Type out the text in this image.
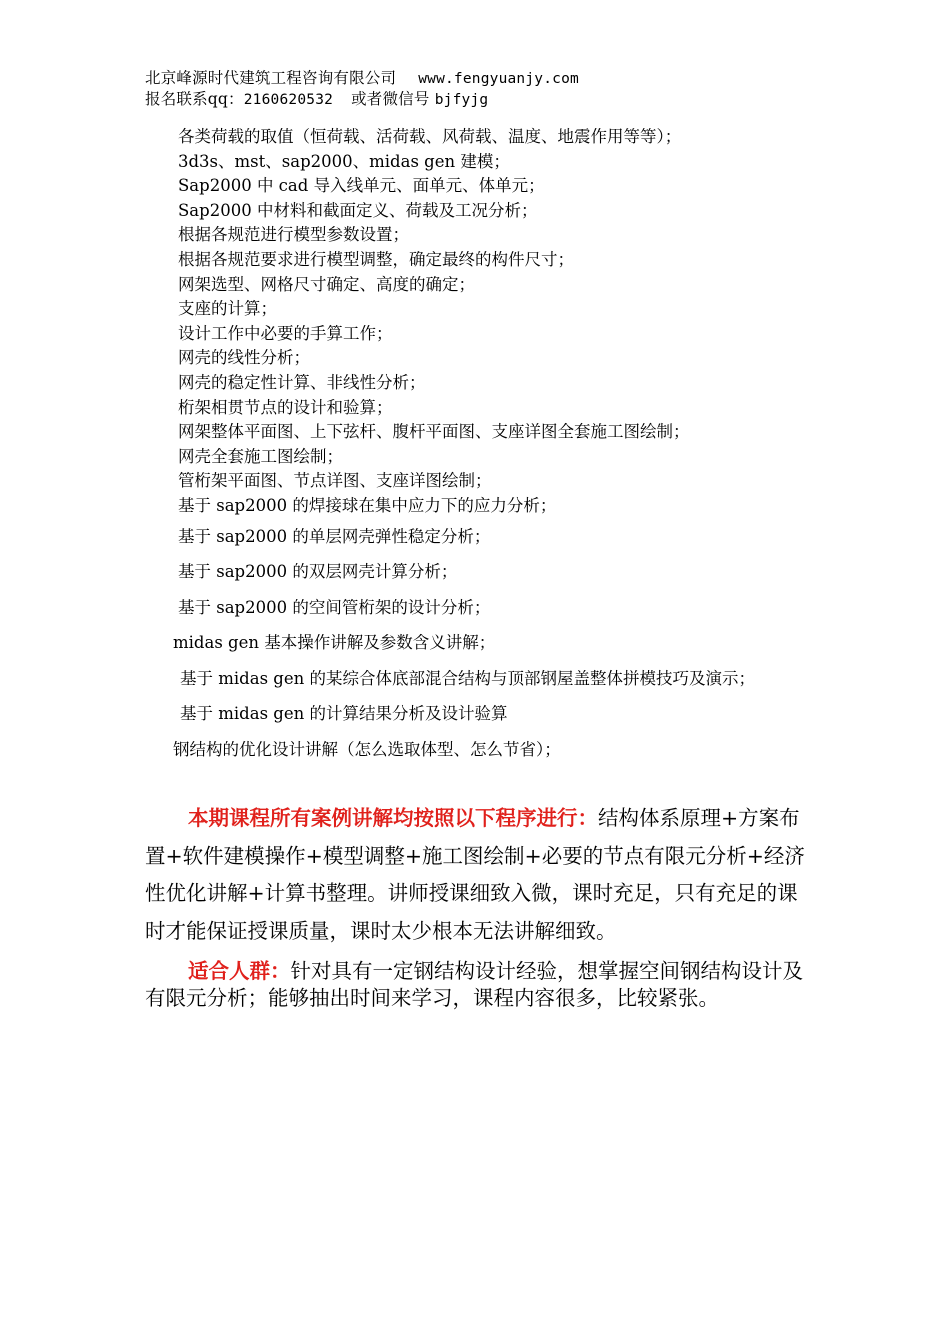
北京峰源时代建筑工程咨询有限公司 www.fengyuanjy.com
报名联系qq：2160620532 或者微信号 bjfyjg
各类荷载的取值（恒荷载、活荷载、风荷载、温度、地震作用等等）；
3d3s、mst、sap2000、midas gen 建模；
Sap2000 中 cad 导入线单元、面单元、体单元；
Sap2000 中材料和截面定义、荷载及工况分析；
根据各规范进行模型参数设置；
根据各规范要求进行模型调整，确定最终的构件尺寸；
网架选型、网格尺寸确定、高度的确定；
支座的计算；
设计工作中必要的手算工作；
网壳的线性分析；
网壳的稳定性计算、非线性分析；
桁架相贯节点的设计和验算；
网架整体平面图、上下弦杆、腹杆平面图、支座详图全套施工图绘制；
网壳全套施工图绘制；
管桁架平面图、节点详图、支座详图绘制；
基于 sap2000 的焊接球在集中应力下的应力分析；
基于 sap2000 的单层网壳弹性稳定分析；
基于 sap2000 的双层网壳计算分析；
基于 sap2000 的空间管桁架的设计分析；
midas gen 基本操作讲解及参数含义讲解；
基于 midas gen 的某综合体底部混合结构与顶部钢屋盖整体拼模技巧及演示；
基于 midas gen 的计算结果分析及设计验算
钢结构的优化设计讲解（怎么选取体型、怎么节省）；

本期课程所有案例讲解均按照以下程序进行：结构体系原理+方案布置+软件建模操作+模型调整+施工图绘制+必要的节点有限元分析+经济性优化讲解+计算书整理。讲师授课细致入微，课时充足，只有充足的课时才能保证授课质量，课时太少根本无法讲解细致。

适合人群：针对具有一定钢结构设计经验，想掌握空间钢结构设计及有限元分析；能够抽出时间来学习，课程内容很多，比较紧张。
